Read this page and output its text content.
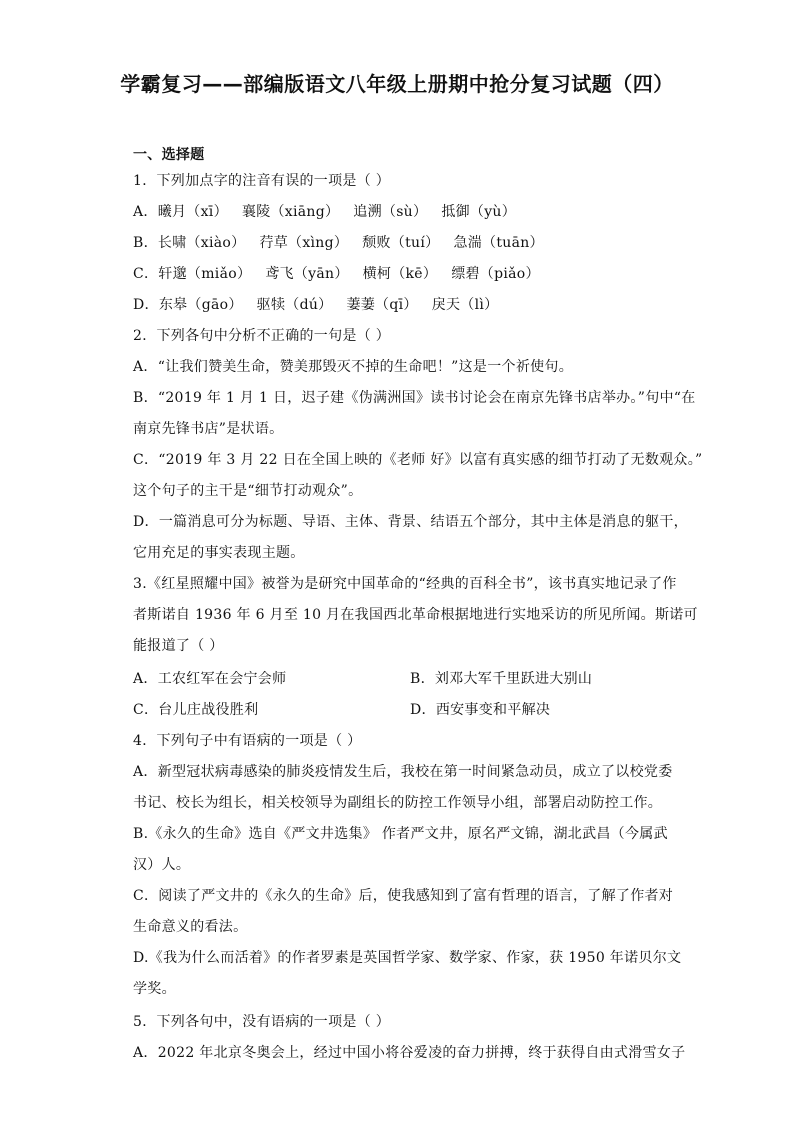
学霸复习——部编版语文八年级上册期中抢分复习试题（四）
一、选择题
1．下列加点字的注音有误的一项是（ ）
A．曦月（xī） 襄陵（xiāng） 追溯（sù） 抵御（yù）
B．长啸（xiào） 荇草（xìng） 颓败（tuí） 急湍（tuān）
C．轩邈（miǎo） 鸢飞（yān） 横柯（kē） 缥碧（piǎo）
D．东皋（gāo） 驱犊（dú） 萋萋（qī） 戾天（lì）
2．下列各句中分析不正确的一句是（ ）
A．“让我们赞美生命，赞美那毁灭不掉的生命吧！”这是一个祈使句。
B．“2019 年 1 月 1 日，迟子建《伪满洲国》读书讨论会在南京先锋书店举办。”句中“在
南京先锋书店”是状语。
C．“2019 年 3 月 22 日在全国上映的《老师 好》以富有真实感的细节打动了无数观众。”
这个句子的主干是“细节打动观众”。
D．一篇消息可分为标题、导语、主体、背景、结语五个部分，其中主体是消息的躯干，
它用充足的事实表现主题。
3.《红星照耀中国》被誉为是研究中国革命的“经典的百科全书”，该书真实地记录了作
者斯诺自 1936 年 6 月至 10 月在我国西北革命根据地进行实地采访的所见所闻。斯诺可
能报道了（ ）
A．工农红军在会宁会师	B．刘邓大军千里跃进大别山
C．台儿庄战役胜利	D．西安事变和平解决
4．下列句子中有语病的一项是（ ）
A．新型冠状病毒感染的肺炎疫情发生后，我校在第一时间紧急动员，成立了以校党委
书记、校长为组长，相关校领导为副组长的防控工作领导小组，部署启动防控工作。
B.《永久的生命》选自《严文井选集》 作者严文井，原名严文锦，湖北武昌（今属武
汉）人。
C．阅读了严文井的《永久的生命》后，使我感知到了富有哲理的语言，了解了作者对
生命意义的看法。
D.《我为什么而活着》的作者罗素是英国哲学家、数学家、作家，获 1950 年诺贝尔文
学奖。
5．下列各句中，没有语病的一项是（ ）
A．2022 年北京冬奥会上，经过中国小将谷爱凌的奋力拼搏，终于获得自由式滑雪女子
